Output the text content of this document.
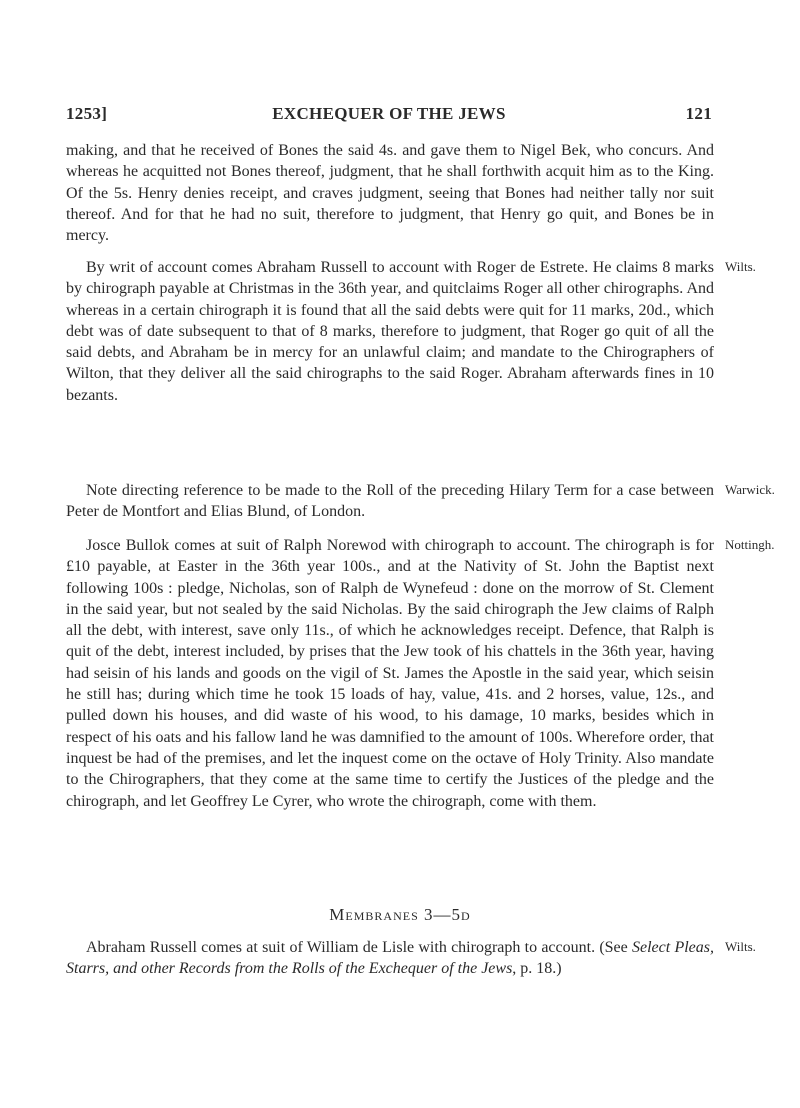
1253]	EXCHEQUER OF THE JEWS	121
making, and that he received of Bones the said 4s. and gave them to Nigel Bek, who concurs. And whereas he acquitted not Bones thereof, judgment, that he shall forthwith acquit him as to the King. Of the 5s. Henry denies receipt, and craves judgment, seeing that Bones had neither tally nor suit thereof. And for that he had no suit, therefore to judgment, that Henry go quit, and Bones be in mercy.
By writ of account comes Abraham Russell to account with Roger de Estrete. He claims 8 marks by chirograph payable at Christmas in the 36th year, and quitclaims Roger all other chirographs. And whereas in a certain chirograph it is found that all the said debts were quit for 11 marks, 20d., which debt was of date subsequent to that of 8 marks, therefore to judgment, that Roger go quit of all the said debts, and Abraham be in mercy for an unlawful claim; and mandate to the Chirographers of Wilton, that they deliver all the said chirographs to the said Roger. Abraham afterwards fines in 10 bezants.
Wilts.
Note directing reference to be made to the Roll of the preceding Hilary Term for a case between Peter de Montfort and Elias Blund, of London.
Warwick.
Josce Bullok comes at suit of Ralph Norewod with chirograph to account. The chirograph is for £10 payable, at Easter in the 36th year 100s., and at the Nativity of St. John the Baptist next following 100s : pledge, Nicholas, son of Ralph de Wynefeud : done on the morrow of St. Clement in the said year, but not sealed by the said Nicholas. By the said chirograph the Jew claims of Ralph all the debt, with interest, save only 11s., of which he acknowledges receipt. Defence, that Ralph is quit of the debt, interest included, by prises that the Jew took of his chattels in the 36th year, having had seisin of his lands and goods on the vigil of St. James the Apostle in the said year, which seisin he still has; during which time he took 15 loads of hay, value, 41s. and 2 horses, value, 12s., and pulled down his houses, and did waste of his wood, to his damage, 10 marks, besides which in respect of his oats and his fallow land he was damnified to the amount of 100s. Wherefore order, that inquest be had of the premises, and let the inquest come on the octave of Holy Trinity. Also mandate to the Chirographers, that they come at the same time to certify the Justices of the pledge and the chirograph, and let Geoffrey Le Cyrer, who wrote the chirograph, come with them.
Nottingh.
Membranes 3—5d
Abraham Russell comes at suit of William de Lisle with chirograph to account. (See Select Pleas, Starrs, and other Records from the Rolls of the Exchequer of the Jews, p. 18.)
Wilts.
